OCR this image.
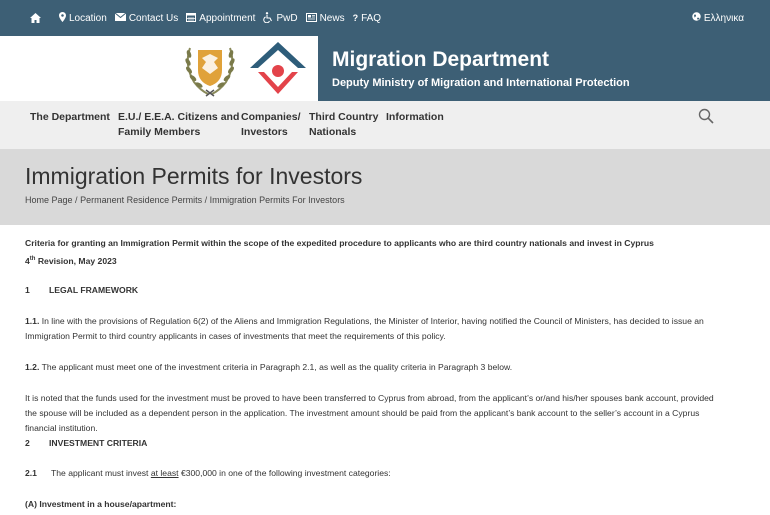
Location Contact Us Appointment PwD News ? FAQ	Ελληνικα
Migration Department
Deputy Ministry of Migration and International Protection
The Department E.U./ E.E.A. Citizens and
Family Members
Companies/
Investors
Third Country
Nationals
Information
Immigration Permits for Investors
Home Page / Permanent Residence Permits / Immigration Permits For Investors
Criteria for granting an Immigration Permit within the scope of the expedited procedure to applicants who are third country nationals and invest in Cyprus
4th Revision, May 2023
1 LEGAL FRAMEWORK
1.1. In line with the provisions of Regulation 6(2) of the Aliens and Immigration Regulations, the Minister of Interior, having notified the Council of Ministers, has decided to issue an
Immigration Permit to third country applicants in cases of investments that meet the requirements of this policy.
1.2. The applicant must meet one of the investment criteria in Paragraph 2.1, as well as the quality criteria in Paragraph 3 below.
It is noted that the funds used for the investment must be proved to have been transferred to Cyprus from abroad, from the applicant’s or/and his/her spouses bank account, provided
the spouse will be included as a dependent person in the application. The investment amount should be paid from the applicant’s bank account to the seller’s account in a Cyprus
financial institution.
2 INVESTMENT CRITERIA
2.1 The applicant must invest at least €300,000 in one of the following investment categories:
(A) Investment in a house/apartment:
